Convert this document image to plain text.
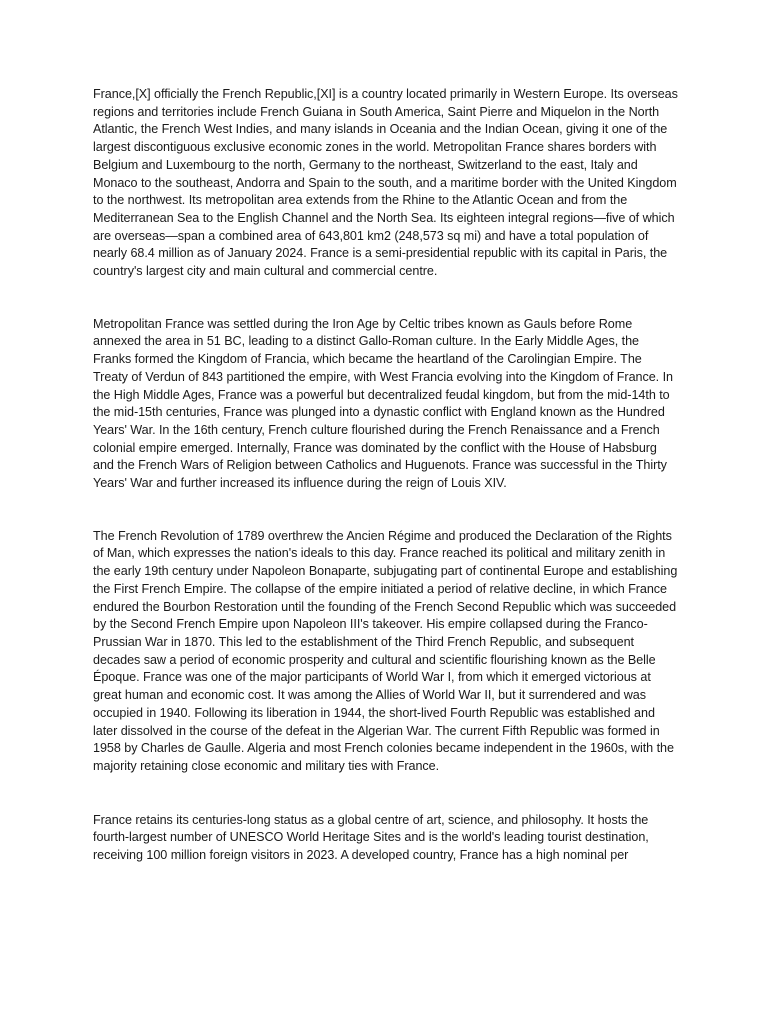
France,[X] officially the French Republic,[XI] is a country located primarily in Western Europe. Its overseas regions and territories include French Guiana in South America, Saint Pierre and Miquelon in the North Atlantic, the French West Indies, and many islands in Oceania and the Indian Ocean, giving it one of the largest discontiguous exclusive economic zones in the world. Metropolitan France shares borders with Belgium and Luxembourg to the north, Germany to the northeast, Switzerland to the east, Italy and Monaco to the southeast, Andorra and Spain to the south, and a maritime border with the United Kingdom to the northwest. Its metropolitan area extends from the Rhine to the Atlantic Ocean and from the Mediterranean Sea to the English Channel and the North Sea. Its eighteen integral regions—five of which are overseas—span a combined area of 643,801 km2 (248,573 sq mi) and have a total population of nearly 68.4 million as of January 2024. France is a semi-presidential republic with its capital in Paris, the country's largest city and main cultural and commercial centre.

Metropolitan France was settled during the Iron Age by Celtic tribes known as Gauls before Rome annexed the area in 51 BC, leading to a distinct Gallo-Roman culture. In the Early Middle Ages, the Franks formed the Kingdom of Francia, which became the heartland of the Carolingian Empire. The Treaty of Verdun of 843 partitioned the empire, with West Francia evolving into the Kingdom of France. In the High Middle Ages, France was a powerful but decentralized feudal kingdom, but from the mid-14th to the mid-15th centuries, France was plunged into a dynastic conflict with England known as the Hundred Years' War. In the 16th century, French culture flourished during the French Renaissance and a French colonial empire emerged. Internally, France was dominated by the conflict with the House of Habsburg and the French Wars of Religion between Catholics and Huguenots. France was successful in the Thirty Years' War and further increased its influence during the reign of Louis XIV.

The French Revolution of 1789 overthrew the Ancien Régime and produced the Declaration of the Rights of Man, which expresses the nation's ideals to this day. France reached its political and military zenith in the early 19th century under Napoleon Bonaparte, subjugating part of continental Europe and establishing the First French Empire. The collapse of the empire initiated a period of relative decline, in which France endured the Bourbon Restoration until the founding of the French Second Republic which was succeeded by the Second French Empire upon Napoleon III's takeover. His empire collapsed during the Franco-Prussian War in 1870. This led to the establishment of the Third French Republic, and subsequent decades saw a period of economic prosperity and cultural and scientific flourishing known as the Belle Époque. France was one of the major participants of World War I, from which it emerged victorious at great human and economic cost. It was among the Allies of World War II, but it surrendered and was occupied in 1940. Following its liberation in 1944, the short-lived Fourth Republic was established and later dissolved in the course of the defeat in the Algerian War. The current Fifth Republic was formed in 1958 by Charles de Gaulle. Algeria and most French colonies became independent in the 1960s, with the majority retaining close economic and military ties with France.

France retains its centuries-long status as a global centre of art, science, and philosophy. It hosts the fourth-largest number of UNESCO World Heritage Sites and is the world's leading tourist destination, receiving 100 million foreign visitors in 2023. A developed country, France has a high nominal per
